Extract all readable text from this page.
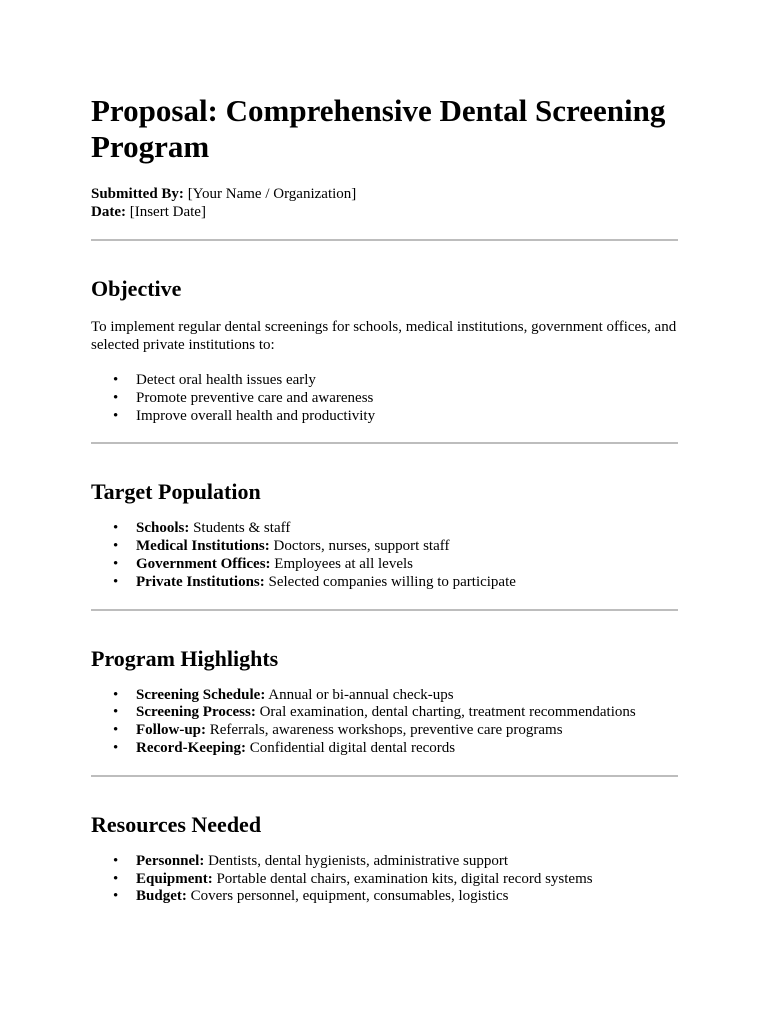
Proposal: Comprehensive Dental Screening Program
Submitted By: [Your Name / Organization]
Date: [Insert Date]
Objective

To implement regular dental screenings for schools, medical institutions, government offices, and selected private institutions to:

• Detect oral health issues early
• Promote preventive care and awareness
• Improve overall health and productivity
Target Population
• Schools: Students & staff
• Medical Institutions: Doctors, nurses, support staff
• Government Offices: Employees at all levels
• Private Institutions: Selected companies willing to participate
Program Highlights
• Screening Schedule: Annual or bi-annual check-ups
• Screening Process: Oral examination, dental charting, treatment recommendations
• Follow-up: Referrals, awareness workshops, preventive care programs
• Record-Keeping: Confidential digital dental records
Resources Needed
• Personnel: Dentists, dental hygienists, administrative support
• Equipment: Portable dental chairs, examination kits, digital record systems
• Budget: Covers personnel, equipment, consumables, logistics
